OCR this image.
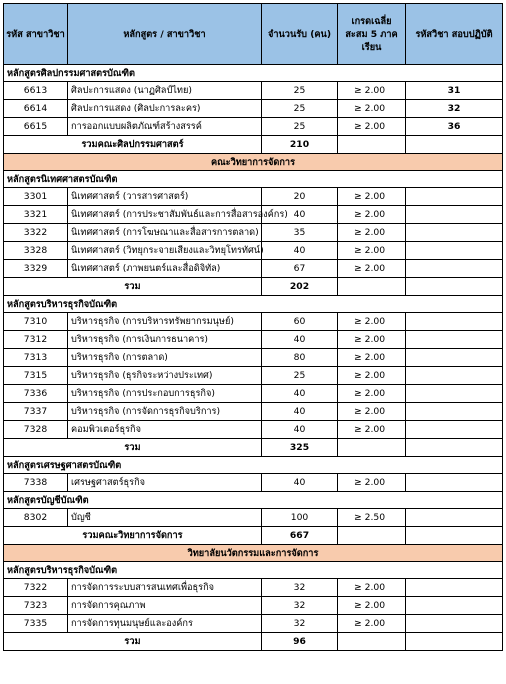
รหัส สาขาวิชา	หลักสูตร / สาขาวิชา	จำนวนรับ (คน)	เกรดเฉลี่ย สะสม 5 ภาคเรียน	รหัสวิชา สอบปฏิบัติ
หลักสูตรศิลปกรรมศาสตรบัณฑิต				
6613	ศิลปะการแสดง (นาฏศิลป์ไทย)	25	≥ 2.00	31
6614	ศิลปะการแสดง (ศิลปะการละคร)	25	≥ 2.00	32
6615	การออกแบบผลิตภัณฑ์สร้างสรรค์	25	≥ 2.00	36
รวมคณะศิลปกรรมศาสตร์		210		
คณะวิทยาการจัดการ				
หลักสูตรนิเทศศาสตรบัณฑิต				
3301	นิเทศศาสตร์ (วารสารศาสตร์)	20	≥ 2.00	
3321	นิเทศศาสตร์ (การประชาสัมพันธ์และการสื่อสารองค์กร)	40	≥ 2.00	
3322	นิเทศศาสตร์ (การโฆษณาและสื่อสารการตลาด)	35	≥ 2.00	
3328	นิเทศศาสตร์ (วิทยุกระจายเสียงและวิทยุโทรทัศน์)	40	≥ 2.00	
3329	นิเทศศาสตร์ (ภาพยนตร์และสื่อดิจิทัล)	67	≥ 2.00	
รวม		202		
หลักสูตรบริหารธุรกิจบัณฑิต				
7310	บริหารธุรกิจ (การบริหารทรัพยากรมนุษย์)	60	≥ 2.00	
7312	บริหารธุรกิจ (การเงินการธนาคาร)	40	≥ 2.00	
7313	บริหารธุรกิจ (การตลาด)	80	≥ 2.00	
7315	บริหารธุรกิจ (ธุรกิจระหว่างประเทศ)	25	≥ 2.00	
7336	บริหารธุรกิจ (การประกอบการธุรกิจ)	40	≥ 2.00	
7337	บริหารธุรกิจ (การจัดการธุรกิจบริการ)	40	≥ 2.00	
7328	คอมพิวเตอร์ธุรกิจ	40	≥ 2.00	
รวม		325		
หลักสูตรเศรษฐศาสตรบัณฑิต				
7338	เศรษฐศาสตร์ธุรกิจ	40	≥ 2.00	
หลักสูตรบัญชีบัณฑิต				
8302	บัญชี	100	≥ 2.50	
รวมคณะวิทยาการจัดการ		667		
วิทยาลัยนวัตกรรมและการจัดการ				
หลักสูตรบริหารธุรกิจบัณฑิต				
7322	การจัดการระบบสารสนเทศเพื่อธุรกิจ	32	≥ 2.00	
7323	การจัดการคุณภาพ	32	≥ 2.00	
7335	การจัดการทุนมนุษย์และองค์กร	32	≥ 2.00	
รวม		96		
